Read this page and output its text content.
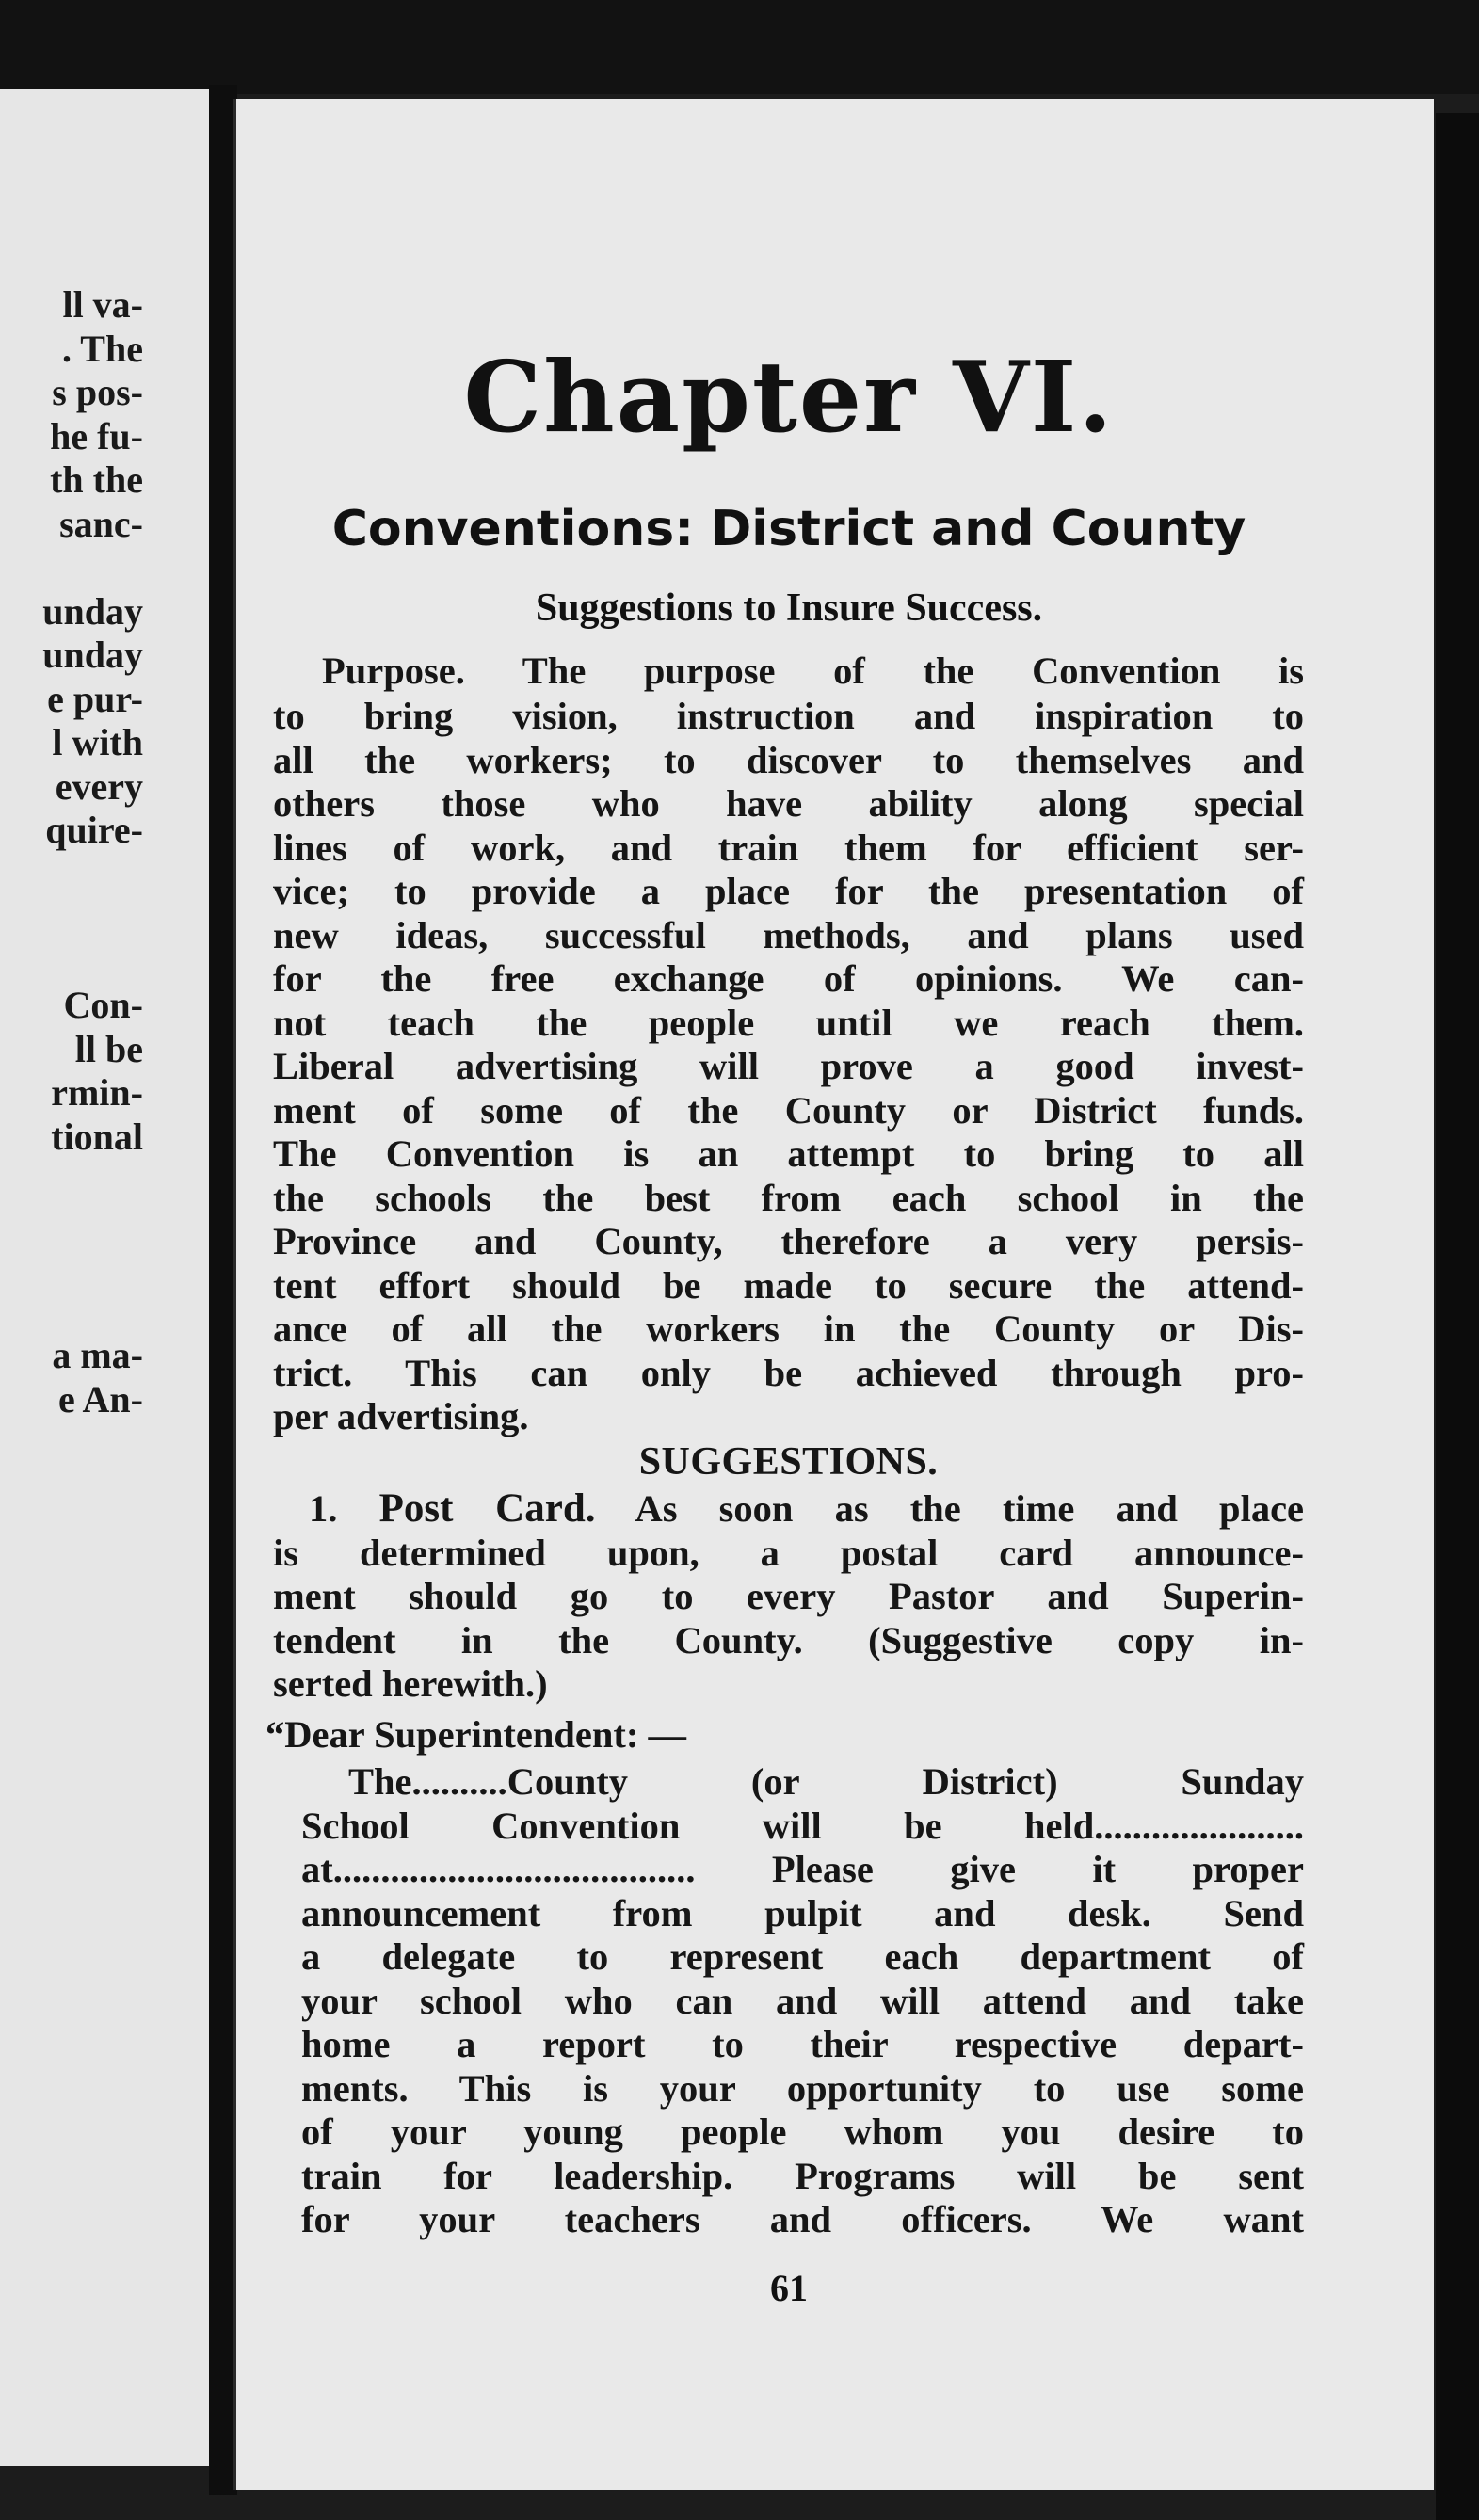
ll va-
. The
s pos-
he fu-
th the
sanc-
unday
unday
e pur-
l with
every
quire-
Con-
ll be
rmin-
tional
a ma-
e An-
Chapter VI.
Conventions: District and County
Suggestions to Insure Success.
Purpose. The purpose of the Convention is
to bring vision, instruction and inspiration to
all the workers; to discover to themselves and
others those who have ability along special
lines of work, and train them for efficient ser-
vice; to provide a place for the presentation of
new ideas, successful methods, and plans used
for the free exchange of opinions. We can-
not teach the people until we reach them.
Liberal advertising will prove a good invest-
ment of some of the County or District funds.
The Convention is an attempt to bring to all
the schools the best from each school in the
Province and County, therefore a very persis-
tent effort should be made to secure the attend-
ance of all the workers in the County or Dis-
trict. This can only be achieved through pro-
per advertising.
SUGGESTIONS.
1. Post Card. As soon as the time and place
is determined upon, a postal card announce-
ment should go to every Pastor and Superin-
tendent in the County. (Suggestive copy in-
serted herewith.)
“Dear Superintendent: —
The..........County (or District) Sunday
School Convention will be held......................
at...................................... Please give it proper
announcement from pulpit and desk. Send
a delegate to represent each department of
your school who can and will attend and take
home a report to their respective depart-
ments. This is your opportunity to use some
of your young people whom you desire to
train for leadership. Programs will be sent
for your teachers and officers. We want
61
